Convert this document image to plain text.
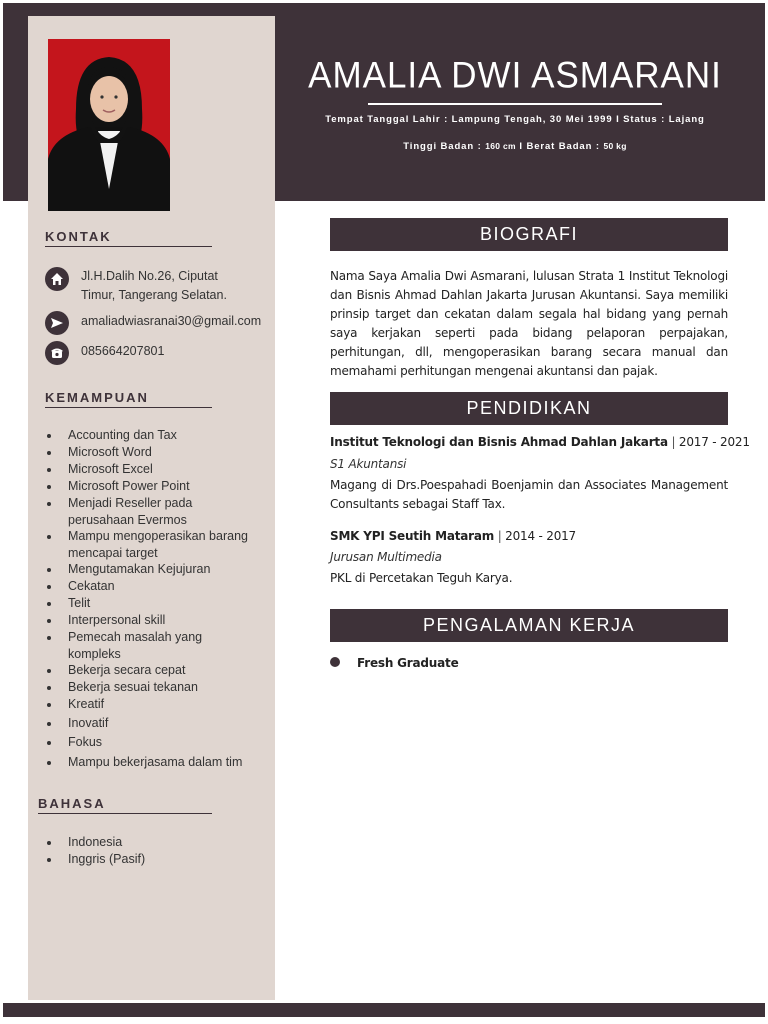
AMALIA DWI ASMARANI
Tempat Tanggal Lahir : Lampung Tengah, 30 Mei 1999 I Status : Lajang
Tinggi Badan : 160 cm I Berat Badan : 50 kg
KONTAK
Jl.H.Dalih No.26, Ciputat
Timur, Tangerang Selatan.
amaliadwiasranai30@gmail.com
085664207801
KEMAMPUAN
Accounting dan Tax
Microsoft Word
Microsoft Excel
Microsoft Power Point
Menjadi Reseller pada perusahaan Evermos
Mampu mengoperasikan barang mencapai target
Mengutamakan Kejujuran
Cekatan
Telit
Interpersonal skill
Pemecah masalah yang kompleks
Bekerja secara cepat
Bekerja sesuai tekanan
Kreatif
Inovatif
Fokus
Mampu bekerjasama dalam tim
BAHASA
Indonesia
Inggris (Pasif)
BIOGRAFI
Nama Saya Amalia Dwi Asmarani, lulusan Strata 1 Institut Teknologi dan Bisnis Ahmad Dahlan Jakarta Jurusan Akuntansi. Saya memiliki prinsip target dan cekatan dalam segala hal bidang yang pernah saya kerjakan seperti pada bidang pelaporan perpajakan, perhitungan, dll, mengoperasikan barang secara manual dan memahami perhitungan mengenai akuntansi dan pajak.
PENDIDIKAN
Institut Teknologi dan Bisnis Ahmad Dahlan Jakarta | 2017 - 2021
S1 Akuntansi
Magang di Drs.Poespahadi Boenjamin dan Associates Management Consultants sebagai Staff Tax.
SMK YPI Seutih Mataram | 2014 - 2017
Jurusan Multimedia
PKL di Percetakan Teguh Karya.
PENGALAMAN KERJA
Fresh Graduate
